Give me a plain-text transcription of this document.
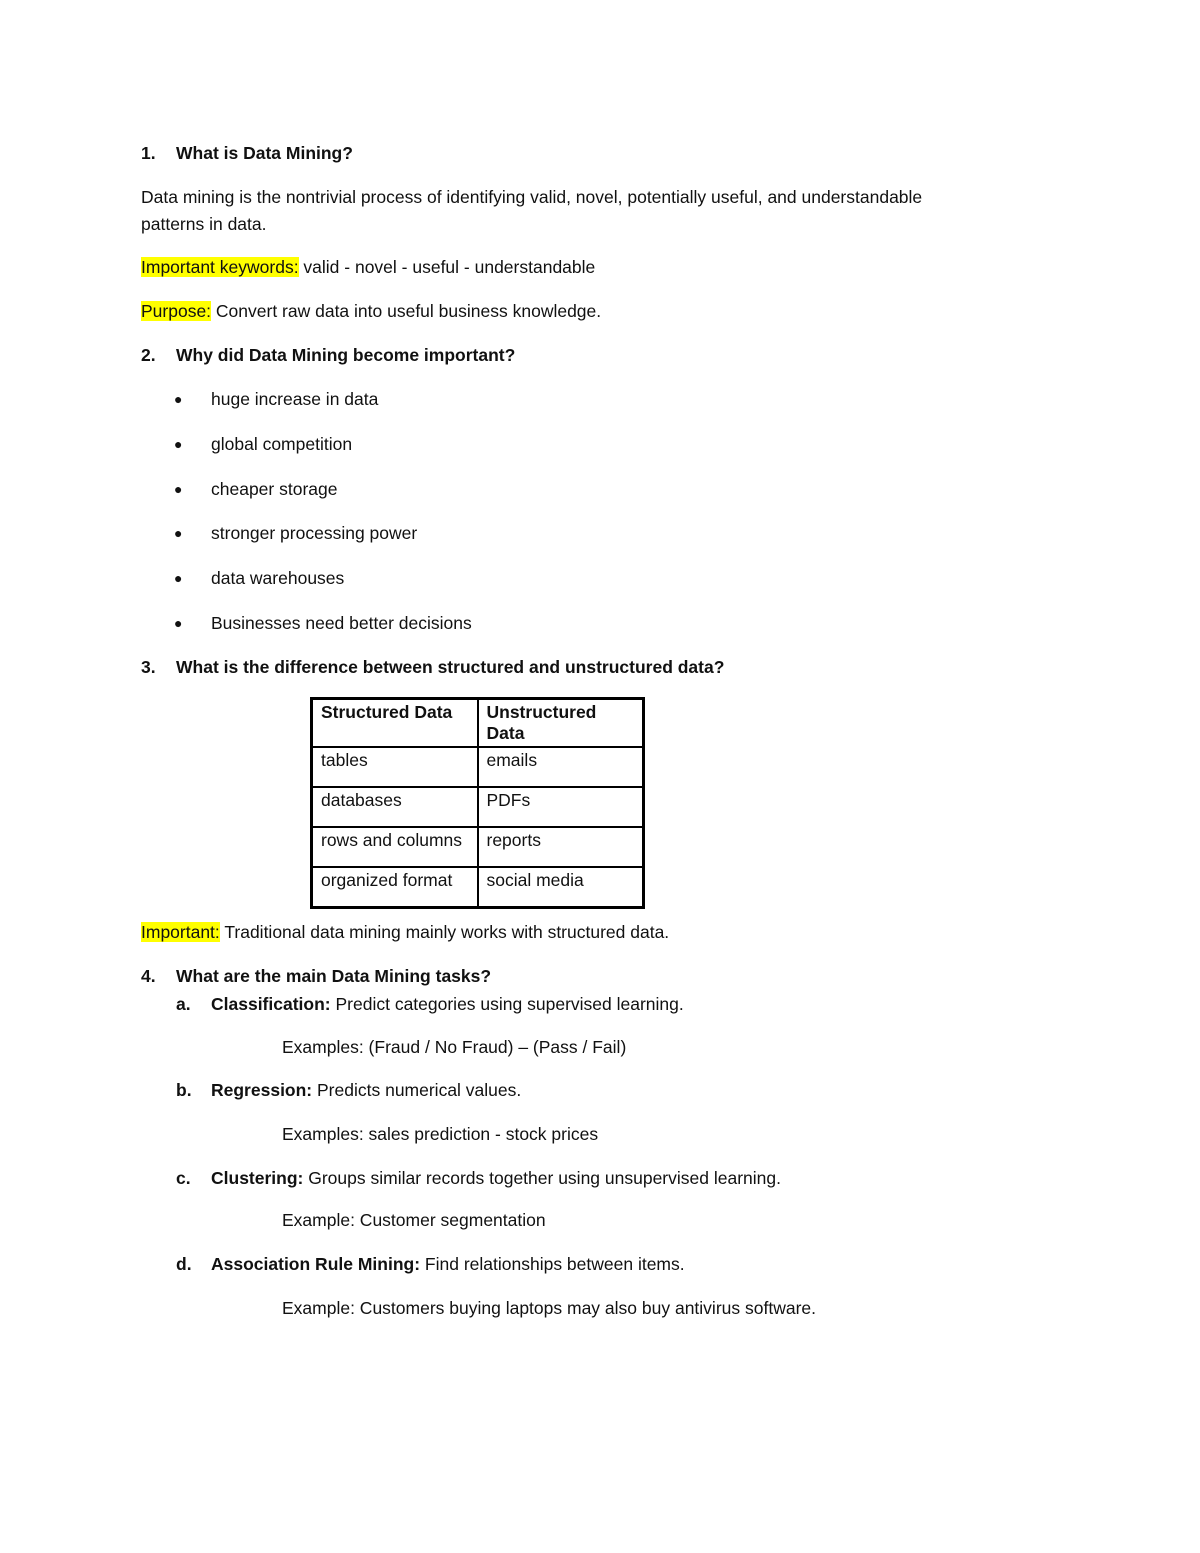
1. What is Data Mining?
Data mining is the nontrivial process of identifying valid, novel, potentially useful, and understandable
patterns in data.
Important keywords: valid - novel - useful - understandable
Purpose: Convert raw data into useful business knowledge.
2. Why did Data Mining become important?
● huge increase in data
● global competition
● cheaper storage
● stronger processing power
● data warehouses
● Businesses need better decisions
3. What is the difference between structured and unstructured data?
Structured Data	Unstructured Data
tables	emails
databases	PDFs
rows and columns	reports
organized format	social media
Important: Traditional data mining mainly works with structured data.
4. What are the main Data Mining tasks?
a. Classification: Predict categories using supervised learning.
Examples: (Fraud / No Fraud) – (Pass / Fail)
b. Regression: Predicts numerical values.
Examples: sales prediction - stock prices
c. Clustering: Groups similar records together using unsupervised learning.
Example: Customer segmentation
d. Association Rule Mining: Find relationships between items.
Example: Customers buying laptops may also buy antivirus software.
